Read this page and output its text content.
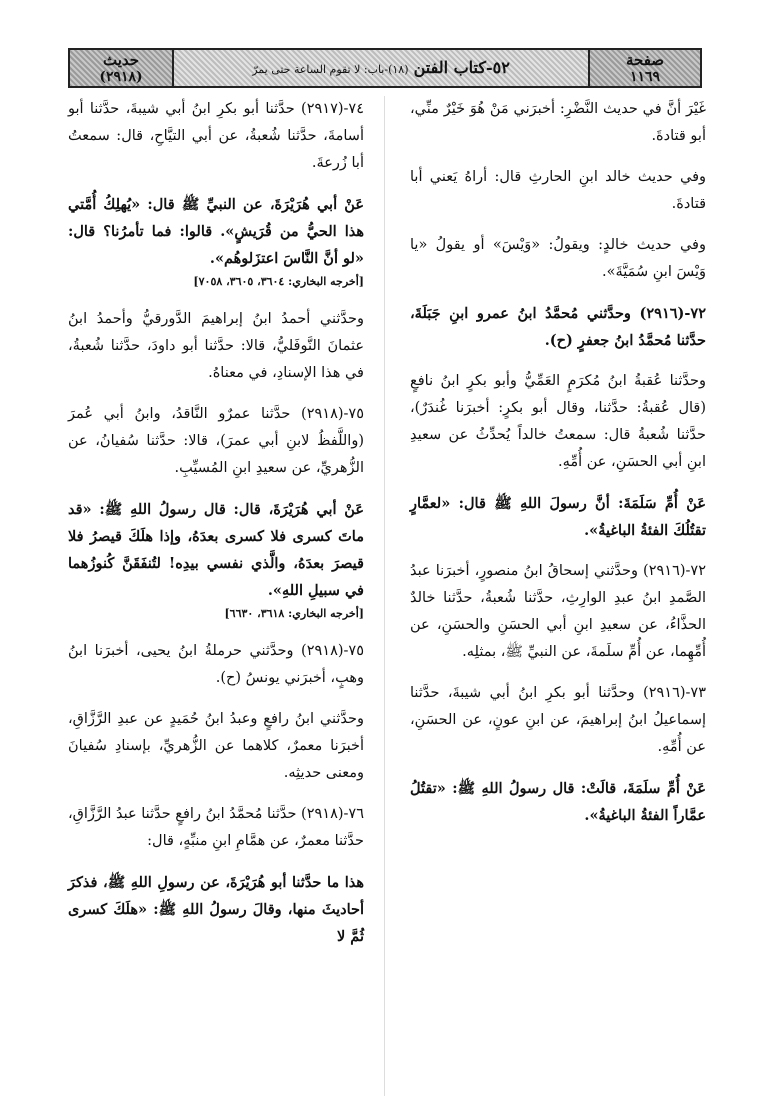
صفحة
١١٦٩
٥٢-كتاب الفتن (١٨)-باب: لا تقوم الساعة حتى يمرّ
حديث
(٢٩١٨)

غَيْرَ أنَّ في حديث النَّضْرِ: أخبرَني مَنْ هُوَ خَيْرٌ منِّي، أبو قتادةَ.

وفي حديث خالد ابنِ الحارثِ قال: أراهُ يَعني أبا قتادةَ.

وفي حديث خالدٍ: ويقولُ: «وَيْسَ» أو يقولُ «يا وَيْسَ ابنِ سُمَيَّةَ».

٧٢-(٢٩١٦) وحدَّثني مُحمَّدُ ابنُ عمرو ابنِ جَبَلَةَ، حدَّثنا مُحمَّدُ ابنُ جعفرٍ (ح).

وحدَّثنا عُقبةُ ابنُ مُكرَمٍ العَمِّيُّ وأبو بكرٍ ابنُ نافعٍ (قال عُقبةُ: حدَّثنا، وقال أبو بكرٍ: أخبرَنا غُندَرٌ)، حدَّثنا شُعبةُ قال: سمعتُ خالداً يُحدِّثُ عن سعيدِ ابنِ أبي الحسَنِ، عن أُمِّهِ.

عَنْ أُمِّ سَلَمَةَ: أنَّ رسولَ اللهِ ﷺ قال: «لعمَّارٍ تقتُلُكَ الفئةُ الباغيةُ».

٧٢-(٢٩١٦) وحدَّثني إسحاقُ ابنُ منصورٍ، أخبرَنا عبدُ الصَّمدِ ابنُ عبدِ الوارِثِ، حدَّثنا شُعبةُ، حدَّثنا خالدٌ الحذَّاءُ، عن سعيدِ ابنِ أبي الحسَنِ والحسَنِ، عن أُمِّهِما، عن أُمِّ سلَمةَ، عن النبيِّ ﷺ، بمثلِه.

٧٣-(٢٩١٦) وحدَّثنا أبو بكرِ ابنُ أبي شيبةَ، حدَّثنا إسماعيلُ ابنُ إبراهيمَ، عن ابنِ عونٍ، عن الحسَنِ، عن أُمِّهِ.

عَنْ أُمِّ سلَمَةَ، قالَتْ: قال رسولُ اللهِ ﷺ: «تقتُلُ عمَّاراً الفئةُ الباغيةُ».

٧٤-(٢٩١٧) حدَّثنا أبو بكرِ ابنُ أبي شيبةَ، حدَّثنا أبو أسامةَ، حدَّثنا شُعبةُ، عن أبي التيَّاحِ، قال: سمعتُ أبا زُرعةَ.

عَنْ أبي هُرَيْرَةَ، عن النبيِّ ﷺ قال: «يُهلِكُ أُمَّتي هذا الحيُّ من قُرَيشٍ». قالوا: فما تأمرُنا؟ قال: «لو أنَّ النَّاسَ اعتزَلوهُم».

[أخرجه البخاري: ٣٦٠٤، ٣٦٠٥، ٧٠٥٨]

وحدَّثني أحمدُ ابنُ إبراهيمَ الدَّورقيُّ وأحمدُ ابنُ عثمانَ النَّوفَليُّ، قالا: حدَّثنا أبو داودَ، حدَّثنا شُعبةُ، في هذا الإسنادِ، في معناهُ.

٧٥-(٢٩١٨) حدَّثنا عمرٌو النَّاقدُ، وابنُ أبي عُمرَ (واللَّفظُ لابنِ أبي عمرَ)، قالا: حدَّثنا سُفيانُ، عن الزُّهريِّ، عن سعيدِ ابنِ المُسيِّبِ.

عَنْ أبي هُرَيْرَةَ، قال: قال رسولُ اللهِ ﷺ: «قد ماتَ كسرى فلا كسرى بعدَهُ، وإذا هلَكَ قيصرُ فلا قيصرَ بعدَهُ، والَّذي نفسي بيدِه! لتُنفَقَنَّ كُنوزُهما في سبيلِ اللهِ».

[أخرجه البخاري: ٣٦١٨، ٦٦٣٠]

٧٥-(٢٩١٨) وحدَّثني حرملةُ ابنُ يحيى، أخبرَنا ابنُ وهبٍ، أخبرَني يونسُ (ح).

وحدَّثني ابنُ رافعٍ وعبدُ ابنُ حُمَيدٍ عن عبدِ الرَّزَّاقِ، أخبرَنا معمرٌ، كلاهما عن الزُّهريِّ، بإسنادِ سُفيانَ ومعنى حديثِه.

٧٦-(٢٩١٨) حدَّثنا مُحمَّدُ ابنُ رافعٍ حدَّثنا عبدُ الرَّزَّاقِ، حدَّثنا معمرٌ، عن همَّامِ ابنِ منبِّهٍ، قال:

هذا ما حدَّثنا أبو هُرَيْرَةَ، عن رسولِ اللهِ ﷺ، فذكرَ أحاديثَ منها، وقالَ رسولُ اللهِ ﷺ: «هلَكَ كسرى ثُمَّ لا
